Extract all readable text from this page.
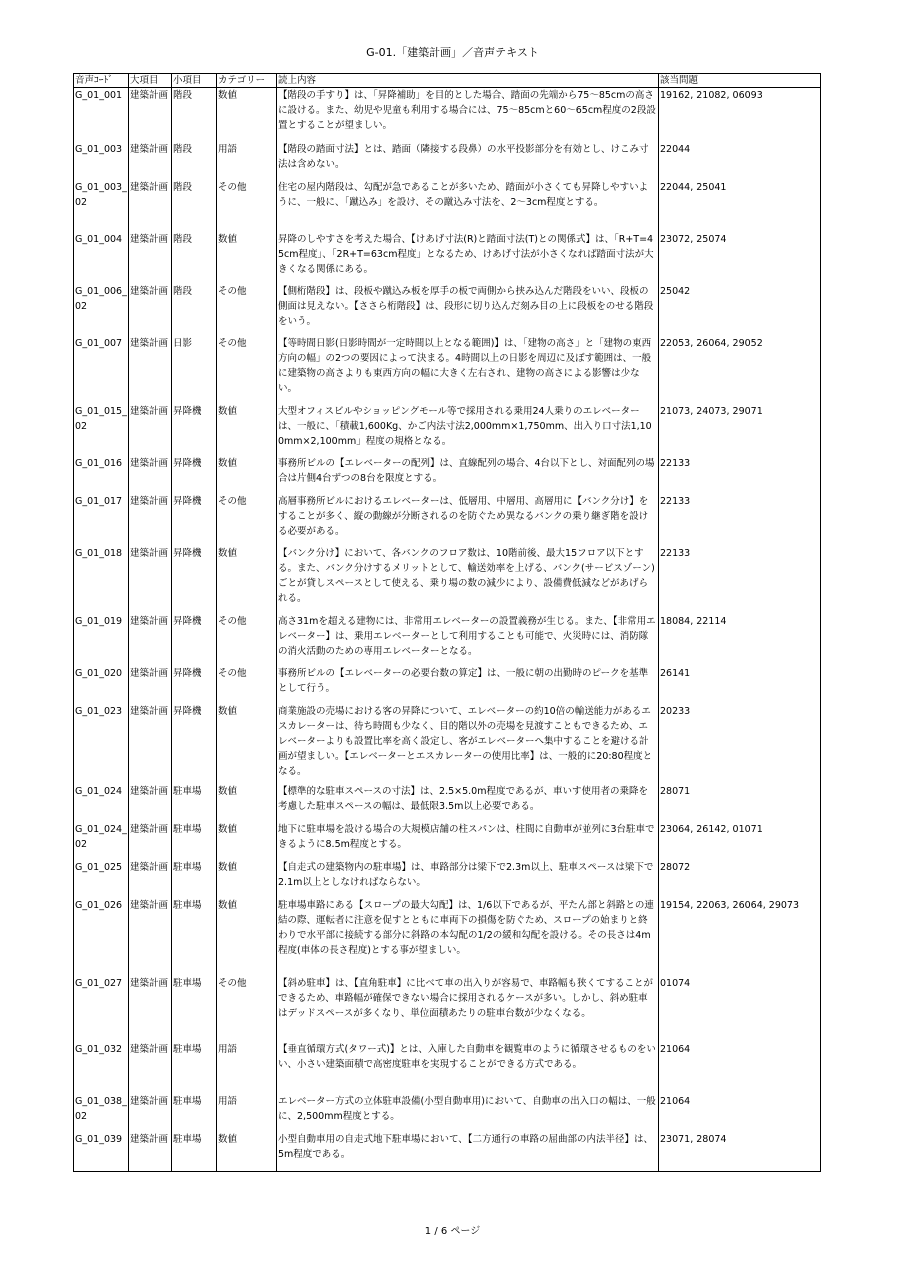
G-01.「建築計画」／音声テキスト
音声ｺｰﾄﾞ	大項目	小項目	カテゴリー	読上内容	該当問題
G_01_001	建築計画	階段	数値	【階段の手すり】は、「昇降補助」を目的とした場合、踏面の先端から75～85cmの高さに設ける。また、幼児や児童も利用する場合には、75～85cmと60～65cm程度の2段設置とすることが望ましい。	19162, 21082, 06093
G_01_003	建築計画	階段	用語	【階段の踏面寸法】とは、踏面（隣接する段鼻）の水平投影部分を有効とし、けこみ寸法は含めない。	22044
G_01_003_02	建築計画	階段	その他	住宅の屋内階段は、勾配が急であることが多いため、踏面が小さくても昇降しやすいように、一般に、「蹴込み」を設け、その蹴込み寸法を、2～3cm程度とする。	22044, 25041
G_01_004	建築計画	階段	数値	昇降のしやすさを考えた場合、【けあげ寸法(R)と踏面寸法(T)との関係式】は、「R+T=45cm程度」、「2R+T=63cm程度」となるため、けあげ寸法が小さくなれば踏面寸法が大きくなる関係にある。	23072, 25074
G_01_006_02	建築計画	階段	その他	【側桁階段】は、段板や蹴込み板を厚手の板で両側から挟み込んだ階段をいい、段板の側面は見えない。【ささら桁階段】は、段形に切り込んだ刻み目の上に段板をのせる階段をいう。	25042
G_01_007	建築計画	日影	その他	【等時間日影(日影時間が一定時間以上となる範囲)】は、「建物の高さ」と「建物の東西方向の幅」の2つの要因によって決まる。4時間以上の日影を周辺に及ぼす範囲は、一般に建築物の高さよりも東西方向の幅に大きく左右され、建物の高さによる影響は少ない。	22053, 26064, 29052
G_01_015_02	建築計画	昇降機	数値	大型オフィスビルやショッピングモール等で採用される乗用24人乗りのエレベーターは、一般に、「積載1,600Kg、かご内法寸法2,000mm×1,750mm、出入り口寸法1,100mm×2,100mm」程度の規格となる。	21073, 24073, 29071
G_01_016	建築計画	昇降機	数値	事務所ビルの【エレベーターの配列】は、直線配列の場合、4台以下とし、対面配列の場合は片側4台ずつの8台を限度とする。	22133
G_01_017	建築計画	昇降機	その他	高層事務所ビルにおけるエレベーターは、低層用、中層用、高層用に【バンク分け】をすることが多く、縦の動線が分断されるのを防ぐため異なるバンクの乗り継ぎ階を設ける必要がある。	22133
G_01_018	建築計画	昇降機	数値	【バンク分け】において、各バンクのフロア数は、10階前後、最大15フロア以下とする。また、バンク分けするメリットとして、輸送効率を上げる、バンク(サービスゾーン)ごとが貸しスペースとして使える、乗り場の数の減少により、設備費低減などがあげられる。	22133
G_01_019	建築計画	昇降機	その他	高さ31mを超える建物には、非常用エレベーターの設置義務が生じる。また、【非常用エレベーター】は、乗用エレベーターとして利用することも可能で、火災時には、消防隊の消火活動のための専用エレベーターとなる。	18084, 22114
G_01_020	建築計画	昇降機	その他	事務所ビルの【エレベーターの必要台数の算定】は、一般に朝の出勤時のピークを基準として行う。	26141
G_01_023	建築計画	昇降機	数値	商業施設の売場における客の昇降について、エレベーターの約10倍の輸送能力があるエスカレーターは、待ち時間も少なく、目的階以外の売場を見渡すこともできるため、エレベーターよりも設置比率を高く設定し、客がエレベーターへ集中することを避ける計画が望ましい。【エレベーターとエスカレーターの使用比率】は、一般的に20:80程度となる。	20233
G_01_024	建築計画	駐車場	数値	【標準的な駐車スペースの寸法】は、2.5×5.0m程度であるが、車いす使用者の乗降を考慮した駐車スペースの幅は、最低限3.5m以上必要である。	28071
G_01_024_02	建築計画	駐車場	数値	地下に駐車場を設ける場合の大規模店舗の柱スパンは、柱間に自動車が並列に3台駐車できるように8.5m程度とする。	23064, 26142, 01071
G_01_025	建築計画	駐車場	数値	【自走式の建築物内の駐車場】は、車路部分は梁下で2.3m以上、駐車スペースは梁下で2.1m以上としなければならない。	28072
G_01_026	建築計画	駐車場	数値	駐車場車路にある【スロープの最大勾配】は、1/6以下であるが、平たん部と斜路との連結の際、運転者に注意を促すとともに車両下の損傷を防ぐため、スロープの始まりと終わりで水平部に接続する部分に斜路の本勾配の1/2の緩和勾配を設ける。その長さは4m程度(車体の長さ程度)とする事が望ましい。	19154, 22063, 26064, 29073
G_01_027	建築計画	駐車場	その他	【斜め駐車】は、【直角駐車】に比べて車の出入りが容易で、車路幅も狭くてすることができるため、車路幅が確保できない場合に採用されるケースが多い。しかし、斜め駐車はデッドスペースが多くなり、単位面積あたりの駐車台数が少なくなる。	01074
G_01_032	建築計画	駐車場	用語	【垂直循環方式(タワー式)】とは、入庫した自動車を観覧車のように循環させるものをいい、小さい建築面積で高密度駐車を実現することができる方式である。	21064
G_01_038_02	建築計画	駐車場	用語	エレベーター方式の立体駐車設備(小型自動車用)において、自動車の出入口の幅は、一般に、2,500mm程度とする。	21064
G_01_039	建築計画	駐車場	数値	小型自動車用の自走式地下駐車場において、【二方通行の車路の屈曲部の内法半径】は、5m程度である。	23071, 28074
1 / 6 ページ
